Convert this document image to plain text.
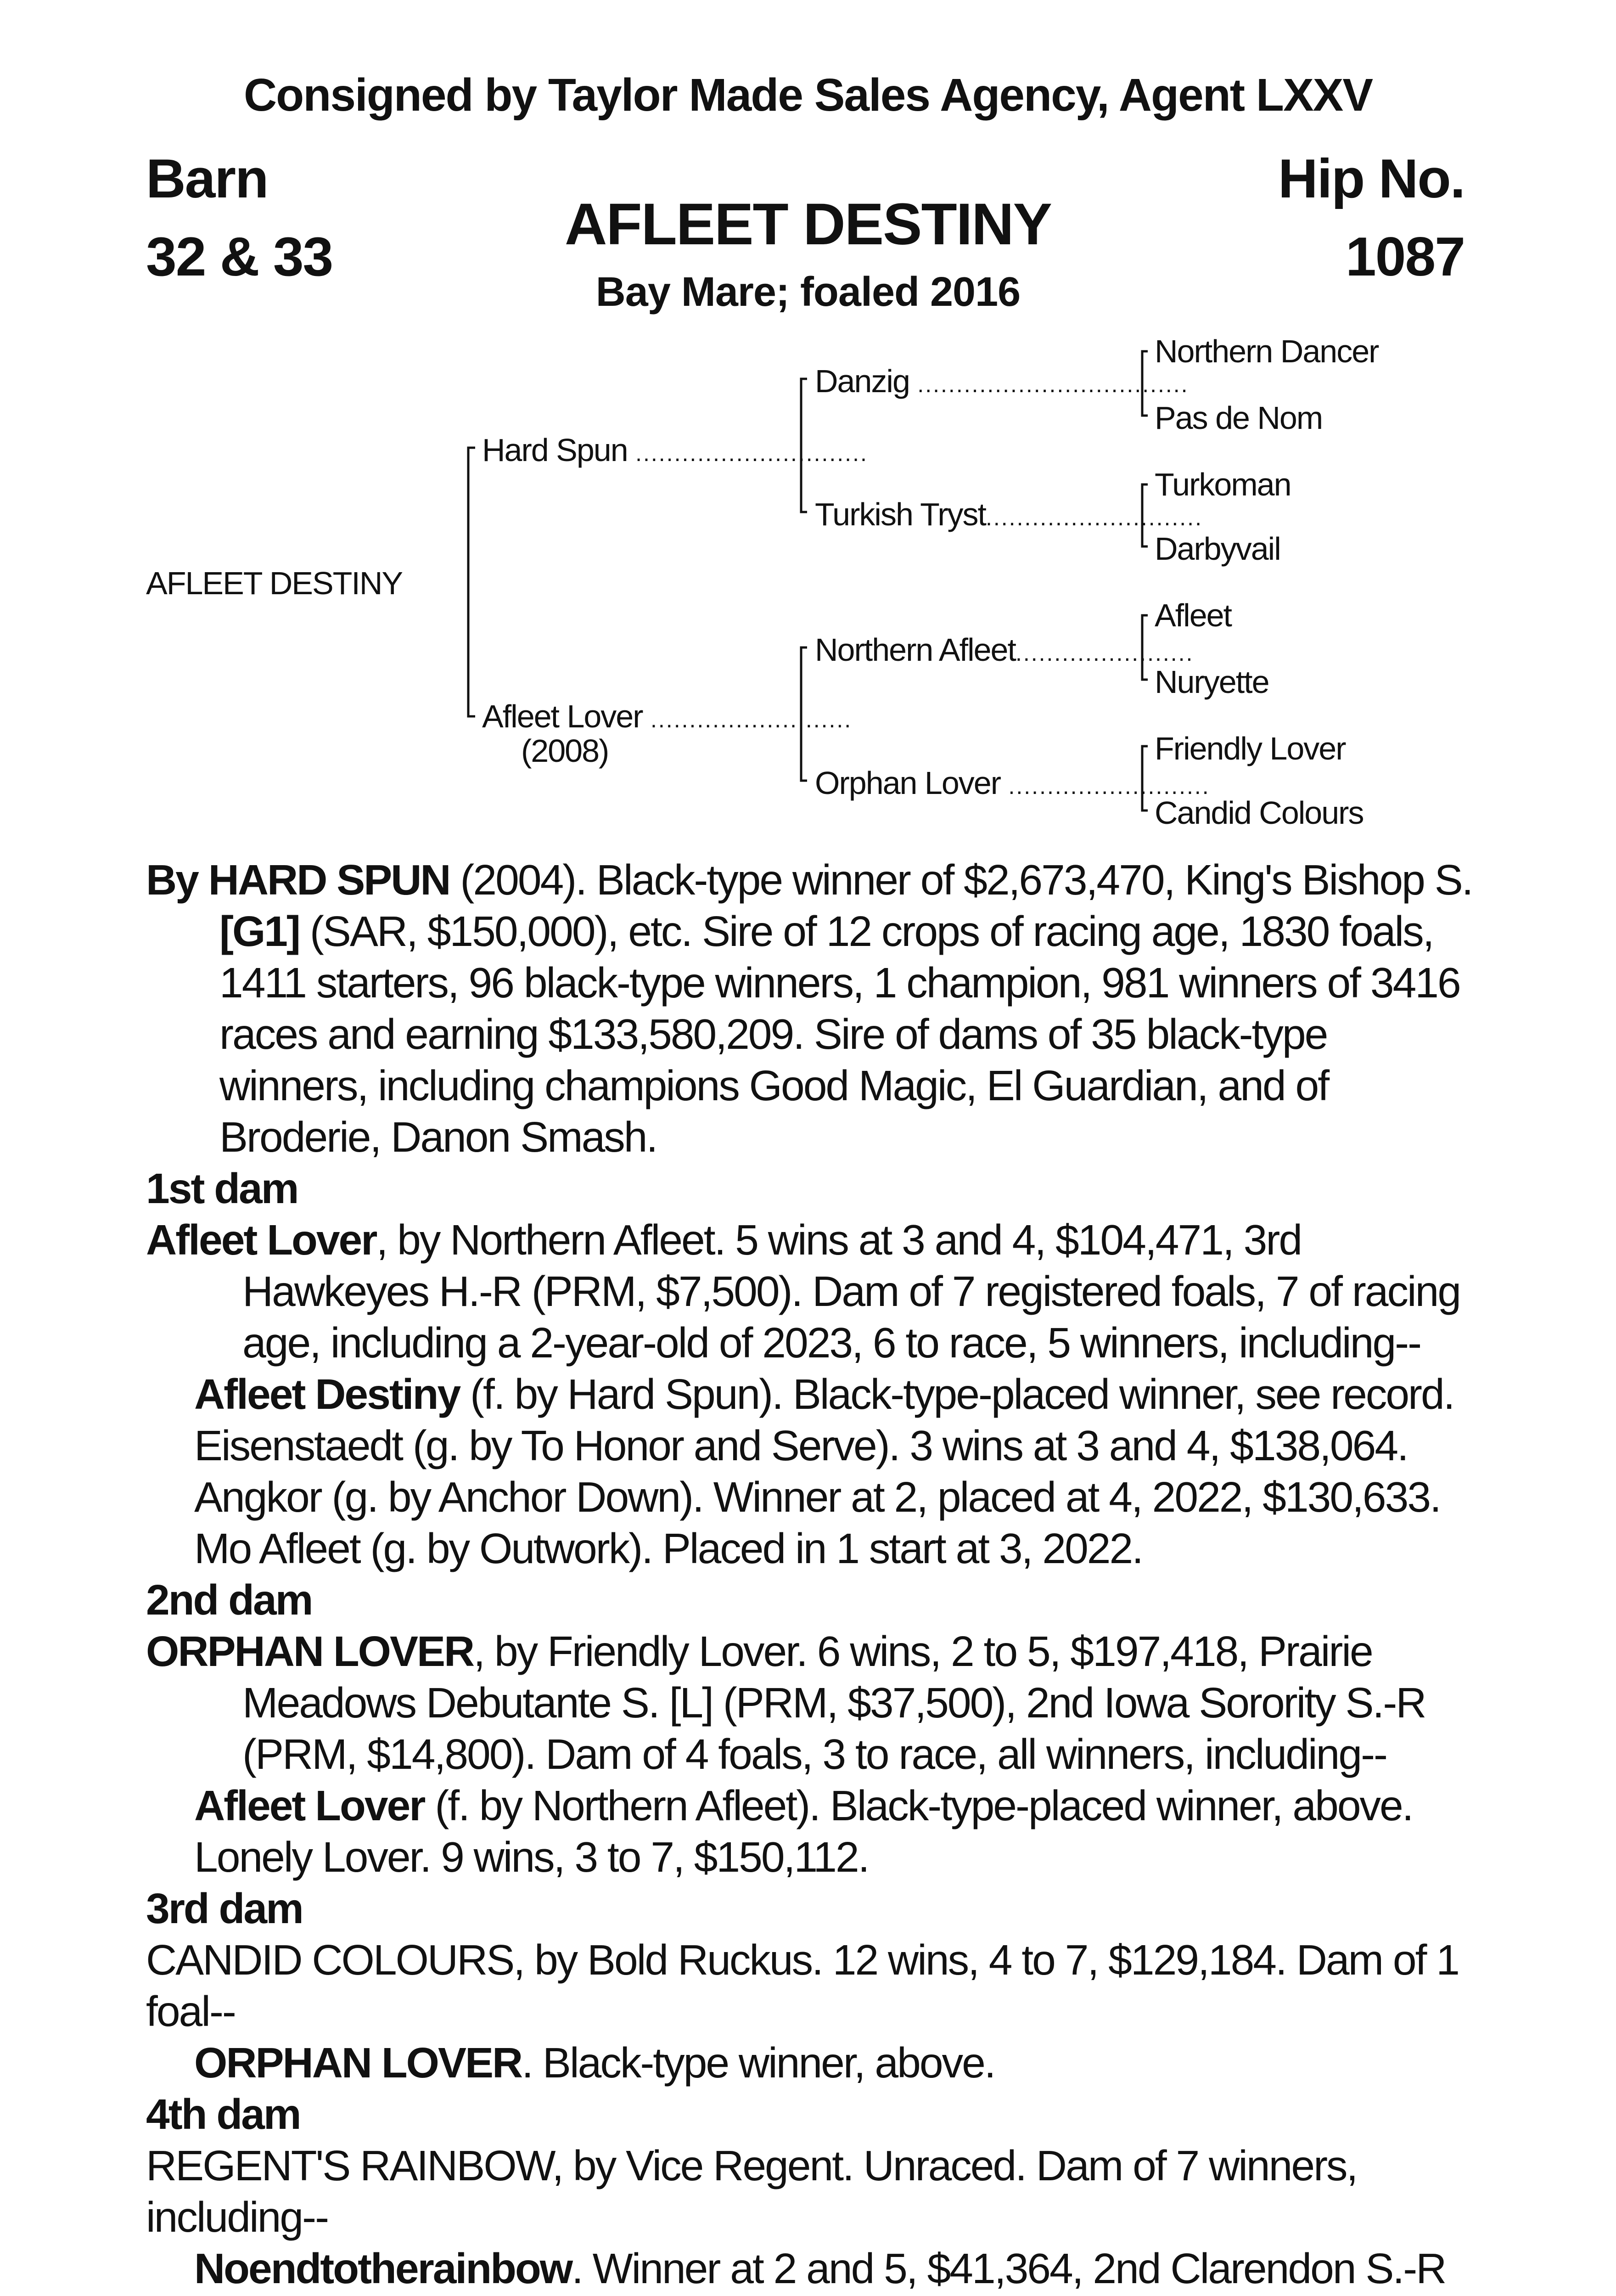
Consigned by Taylor Made Sales Agency, Agent LXXV
Barn
32 & 33
Hip No.
1087
AFLEET DESTINY
Bay Mare; foaled 2016
AFLEET DESTINY
Hard Spun ..............................
Afleet Lover ..........................
(2008)
Danzig ...................................
Turkish Tryst............................
Northern Afleet.......................
Orphan Lover ..........................
Northern Dancer
Pas de Nom
Turkoman
Darbyvail
Afleet
Nuryette
Friendly Lover
Candid Colours

By HARD SPUN (2004). Black-type winner of $2,673,470, King's Bishop S. [G1] (SAR, $150,000), etc. Sire of 12 crops of racing age, 1830 foals, 1411 starters, 96 black-type winners, 1 champion, 981 winners of 3416 races and earning $133,580,209. Sire of dams of 35 black-type winners, including champions Good Magic, El Guardian, and of Broderie, Danon Smash.

1st dam

Afleet Lover, by Northern Afleet. 5 wins at 3 and 4, $104,471, 3rd Hawkeyes H.-R (PRM, $7,500). Dam of 7 registered foals, 7 of racing age, including a 2-year-old of 2023, 6 to race, 5 winners, including--

Afleet Destiny (f. by Hard Spun). Black-type-placed winner, see record.

Eisenstaedt (g. by To Honor and Serve). 3 wins at 3 and 4, $138,064.

Angkor (g. by Anchor Down). Winner at 2, placed at 4, 2022, $130,633.

Mo Afleet (g. by Outwork). Placed in 1 start at 3, 2022.

2nd dam

ORPHAN LOVER, by Friendly Lover. 6 wins, 2 to 5, $197,418, Prairie Meadows Debutante S. [L] (PRM, $37,500), 2nd Iowa Sorority S.-R (PRM, $14,800). Dam of 4 foals, 3 to race, all winners, including--

Afleet Lover (f. by Northern Afleet). Black-type-placed winner, above.

Lonely Lover. 9 wins, 3 to 7, $150,112.

3rd dam

CANDID COLOURS, by Bold Ruckus. 12 wins, 4 to 7, $129,184. Dam of 1 foal--

ORPHAN LOVER. Black-type winner, above.

4th dam

REGENT'S RAINBOW, by Vice Regent. Unraced. Dam of 7 winners, including--

Noendtotherainbow. Winner at 2 and 5, $41,364, 2nd Clarendon S.-R
